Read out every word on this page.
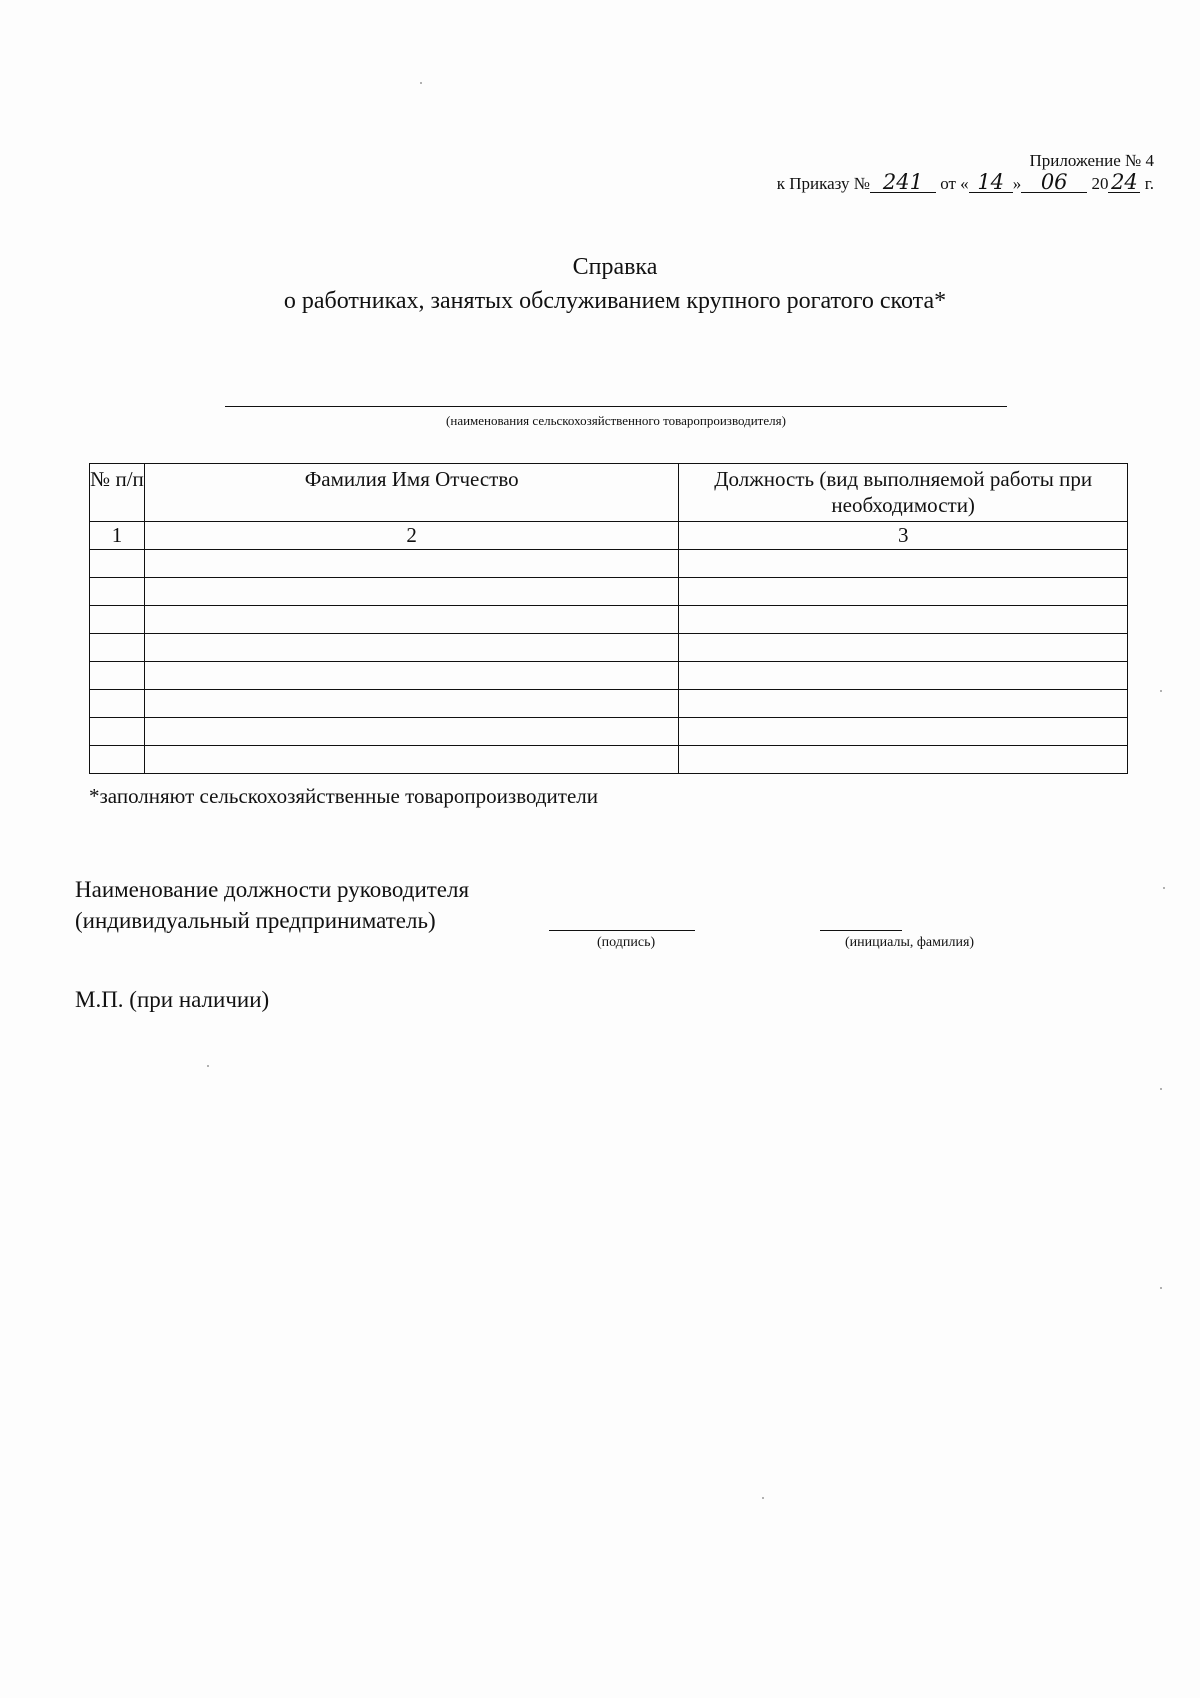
Приложение № 4
к Приказу № 241 от « 14 » 06 20 24 г.
Справка
о работниках, занятых обслуживанием крупного рогатого скота*
(наименования сельскохозяйственного товаропроизводителя)
№ п/п	Фамилия Имя Отчество	Должность (вид выполняемой работы при необходимости)
1	2	3

*заполняют сельскохозяйственные товаропроизводители
Наименование должности руководителя
(индивидуальный предприниматель)
(подпись)	(инициалы, фамилия)
М.П. (при наличии)
